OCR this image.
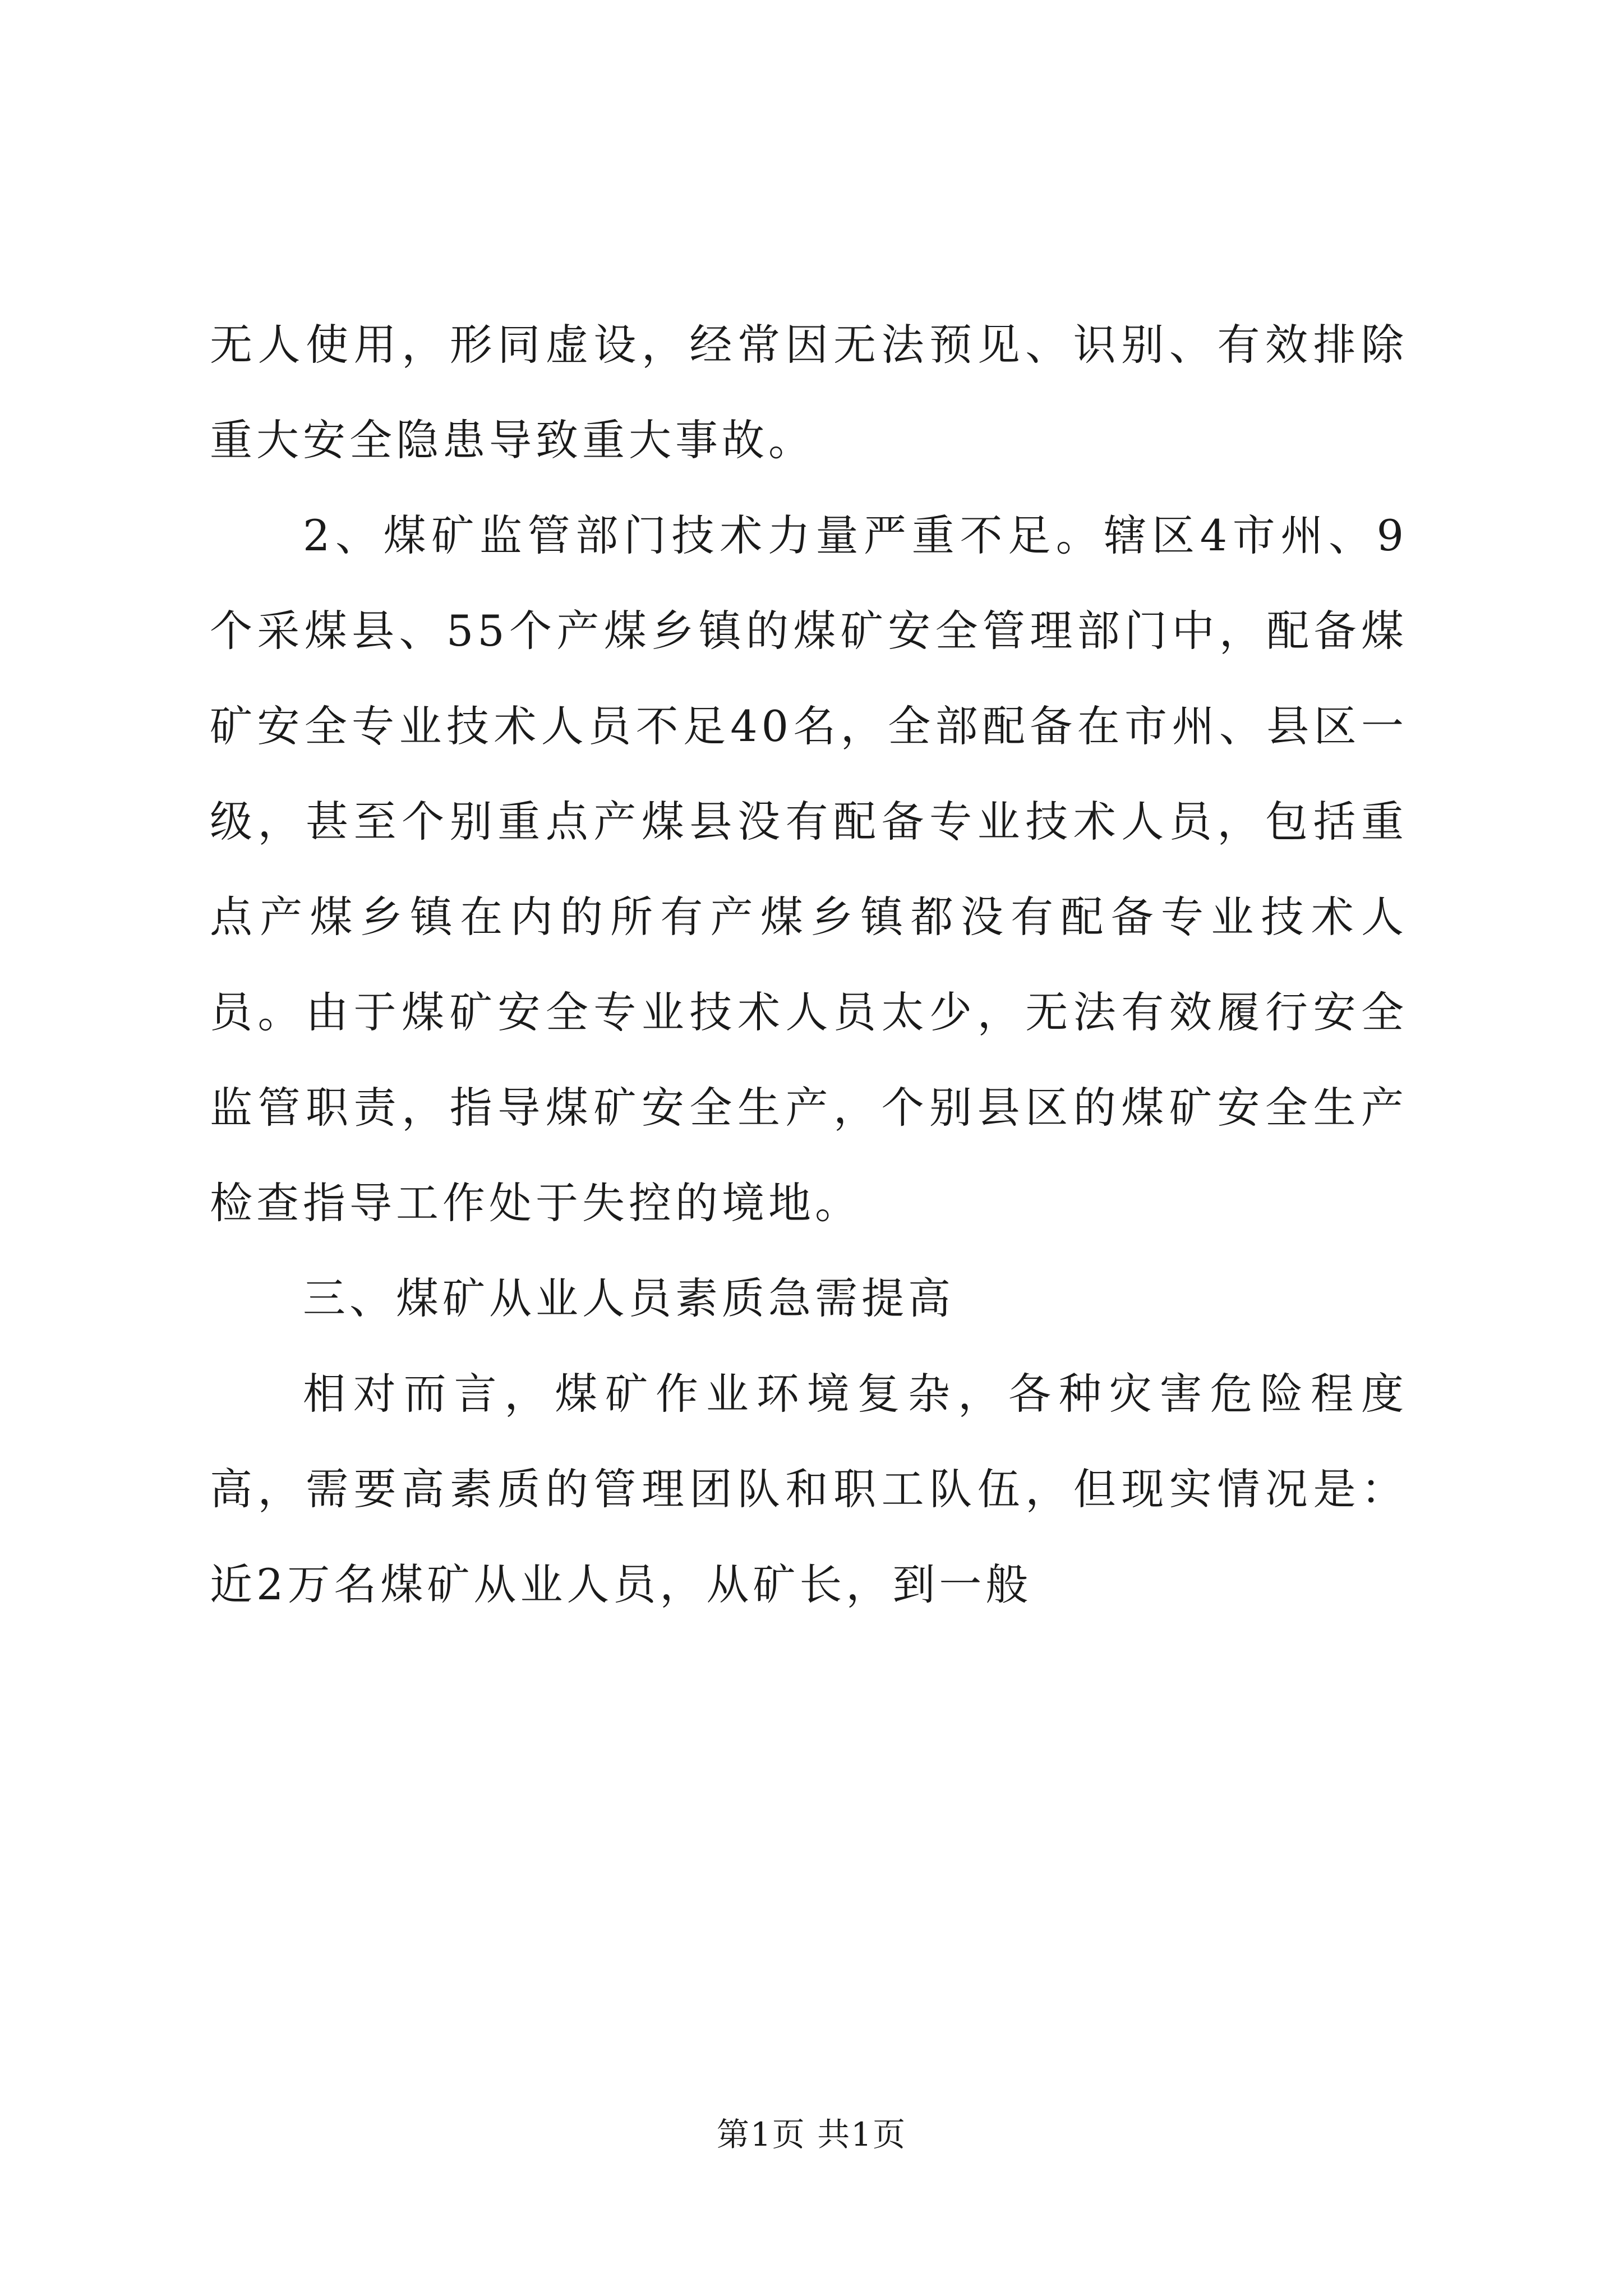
无人使用，形同虚设，经常因无法预见、识别、有效排除重大安全隐患导致重大事故。

2、煤矿监管部门技术力量严重不足。辖区4市州、9个采煤县、55个产煤乡镇的煤矿安全管理部门中，配备煤矿安全专业技术人员不足40名，全部配备在市州、县区一级，甚至个别重点产煤县没有配备专业技术人员，包括重点产煤乡镇在内的所有产煤乡镇都没有配备专业技术人员。由于煤矿安全专业技术人员太少，无法有效履行安全监管职责，指导煤矿安全生产，个别县区的煤矿安全生产检查指导工作处于失控的境地。

三、煤矿从业人员素质急需提高

相对而言，煤矿作业环境复杂，各种灾害危险程度高，需要高素质的管理团队和职工队伍，但现实情况是：近2万名煤矿从业人员，从矿长，到一般

第1页 共1页
